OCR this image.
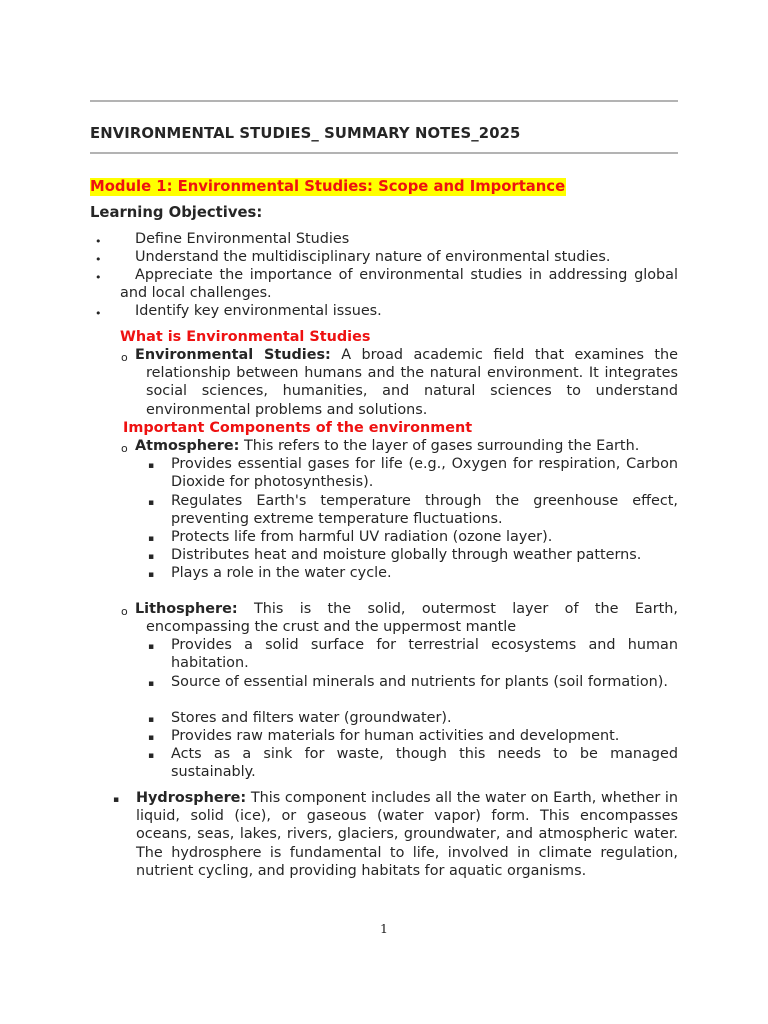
ENVIRONMENTAL STUDIES_ SUMMARY NOTES_2025
Module 1: Environmental Studies: Scope and Importance
Learning Objectives:
•	Define Environmental Studies
•	Understand the multidisciplinary nature of environmental studies.
•	Appreciate the importance of environmental studies in addressing global and local challenges.
•	Identify key environmental issues.
What is Environmental Studies
o Environmental Studies: A broad academic field that examines the relationship between humans and the natural environment. It integrates social sciences, humanities, and natural sciences to understand environmental problems and solutions.
Important Components of the environment
o Atmosphere: This refers to the layer of gases surrounding the Earth.
▪ Provides essential gases for life (e.g., Oxygen for respiration, Carbon Dioxide for photosynthesis).
▪ Regulates Earth's temperature through the greenhouse effect, preventing extreme temperature fluctuations.
▪ Protects life from harmful UV radiation (ozone layer).
▪ Distributes heat and moisture globally through weather patterns.
▪ Plays a role in the water cycle.
o Lithosphere: This is the solid, outermost layer of the Earth, encompassing the crust and the uppermost mantle
▪ Provides a solid surface for terrestrial ecosystems and human habitation.
▪ Source of essential minerals and nutrients for plants (soil formation).
▪ Stores and filters water (groundwater).
▪ Provides raw materials for human activities and development.
▪ Acts as a sink for waste, though this needs to be managed sustainably.
▪ Hydrosphere: This component includes all the water on Earth, whether in liquid, solid (ice), or gaseous (water vapor) form. This encompasses oceans, seas, lakes, rivers, glaciers, groundwater, and atmospheric water. The hydrosphere is fundamental to life, involved in climate regulation, nutrient cycling, and providing habitats for aquatic organisms.
1
